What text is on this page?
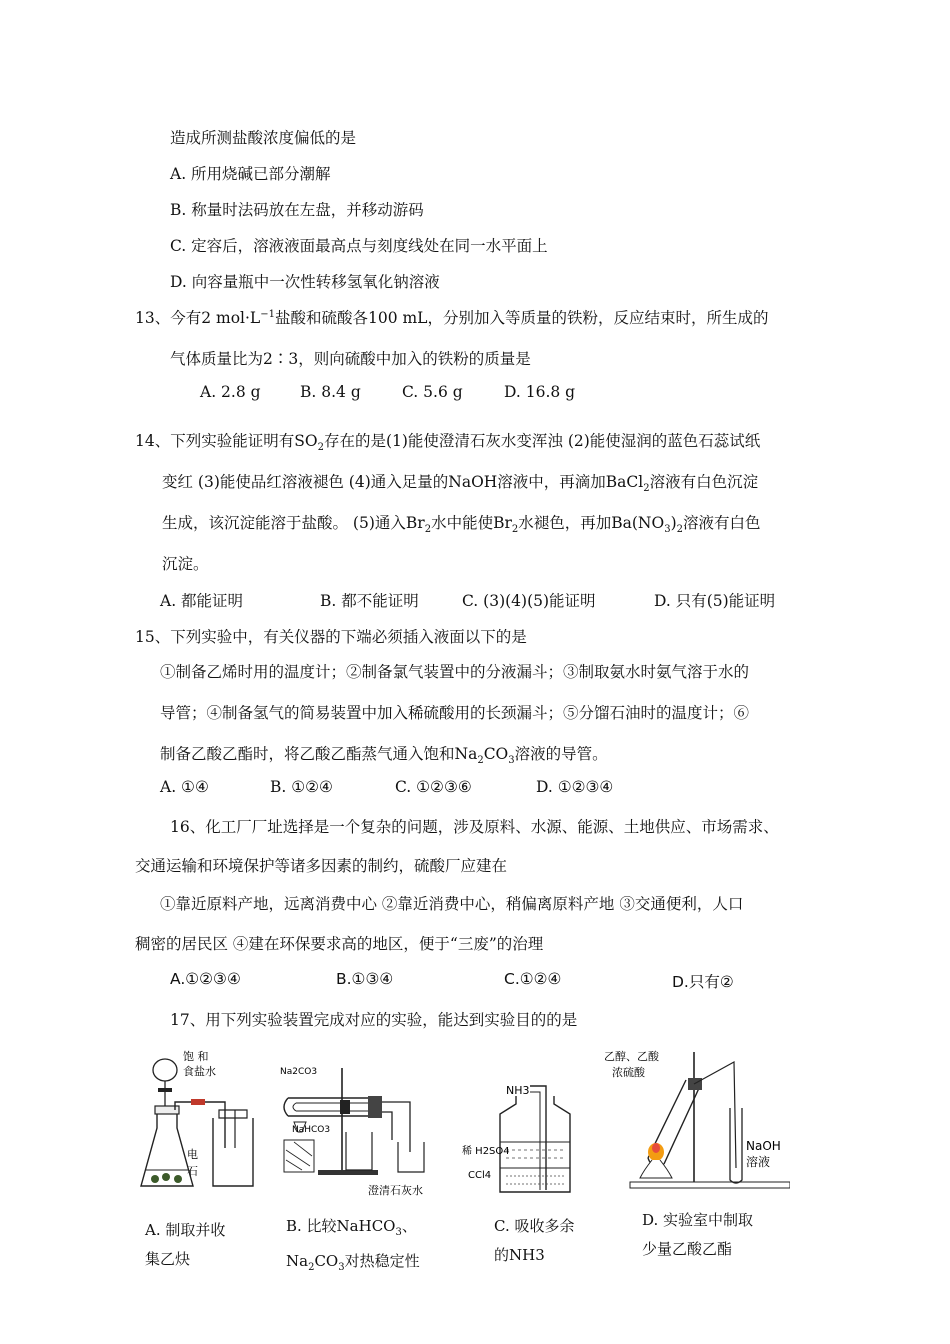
造成所测盐酸浓度偏低的是
A. 所用烧碱已部分潮解
B. 称量时法码放在左盘，并移动游码
C. 定容后，溶液液面最高点与刻度线处在同一水平面上
D. 向容量瓶中一次性转移氢氧化钠溶液
13、今有2 $mol\cdot L^{-1}$盐酸和硫酸各100 mL，分别加入等质量的铁粉，反应结束时，所生成的
气体质量比为2∶3，则向硫酸中加入的铁粉的质量是
A. 2.8 g	B. 8.4 g	C. 5.6 g	D. 16.8 g
14、下列实验能证明有$SO_2$存在的是(1)能使澄清石灰水变浑浊 (2)能使湿润的蓝色石蕊试纸
变红 (3)能使品红溶液褪色 (4)通入足量的NaOH溶液中，再滴加BaCl$_2$溶液有白色沉淀
生成，该沉淀能溶于盐酸。 (5)通入$Br_2$水中能使$Br_2$水褪色，再加$Ba(NO_3)_2$溶液有白色
沉淀。
A. 都能证明	B. 都不能证明	C. (3)(4)(5)能证明	D. 只有(5)能证明
15、下列实验中，有关仪器的下端必须插入液面以下的是
①制备乙烯时用的温度计；②制备氯气装置中的分液漏斗；③制取氨水时氨气溶于水的
导管；④制备氢气的简易装置中加入稀硫酸用的长颈漏斗；⑤分馏石油时的温度计；⑥
制备乙酸乙酯时，将乙酸乙酯蒸气通入饱和$Na_2CO_3$溶液的导管。
A. ①④	B. ①②④	C. ①②③⑥	D. ①②③④
16、化工厂厂址选择是一个复杂的问题，涉及原料、水源、能源、土地供应、市场需求、
交通运输和环境保护等诸多因素的制约，硫酸厂应建在
①靠近原料产地，远离消费中心 ②靠近消费中心，稍偏离原料产地 ③交通便利，人口
稠密的居民区 ④建在环保要求高的地区，便于“三废”的治理
A.①②③④	B.①③④	C.①②④	D.只有②
17、用下列实验装置完成对应的实验，能达到实验目的的是
饱 和
食盐水
电
石
Na2CO3
NaHCO3
澄清石灰水
NH3
稀 H2SO4
CCl4
乙醇、乙酸
浓硫酸
NaOH
溶液
A. 制取并收
集乙炔
B. 比较NaHCO$_3$、
$Na_2CO_3$对热稳定性
C. 吸收多余
的NH3
D. 实验室中制取
少量乙酸乙酯
